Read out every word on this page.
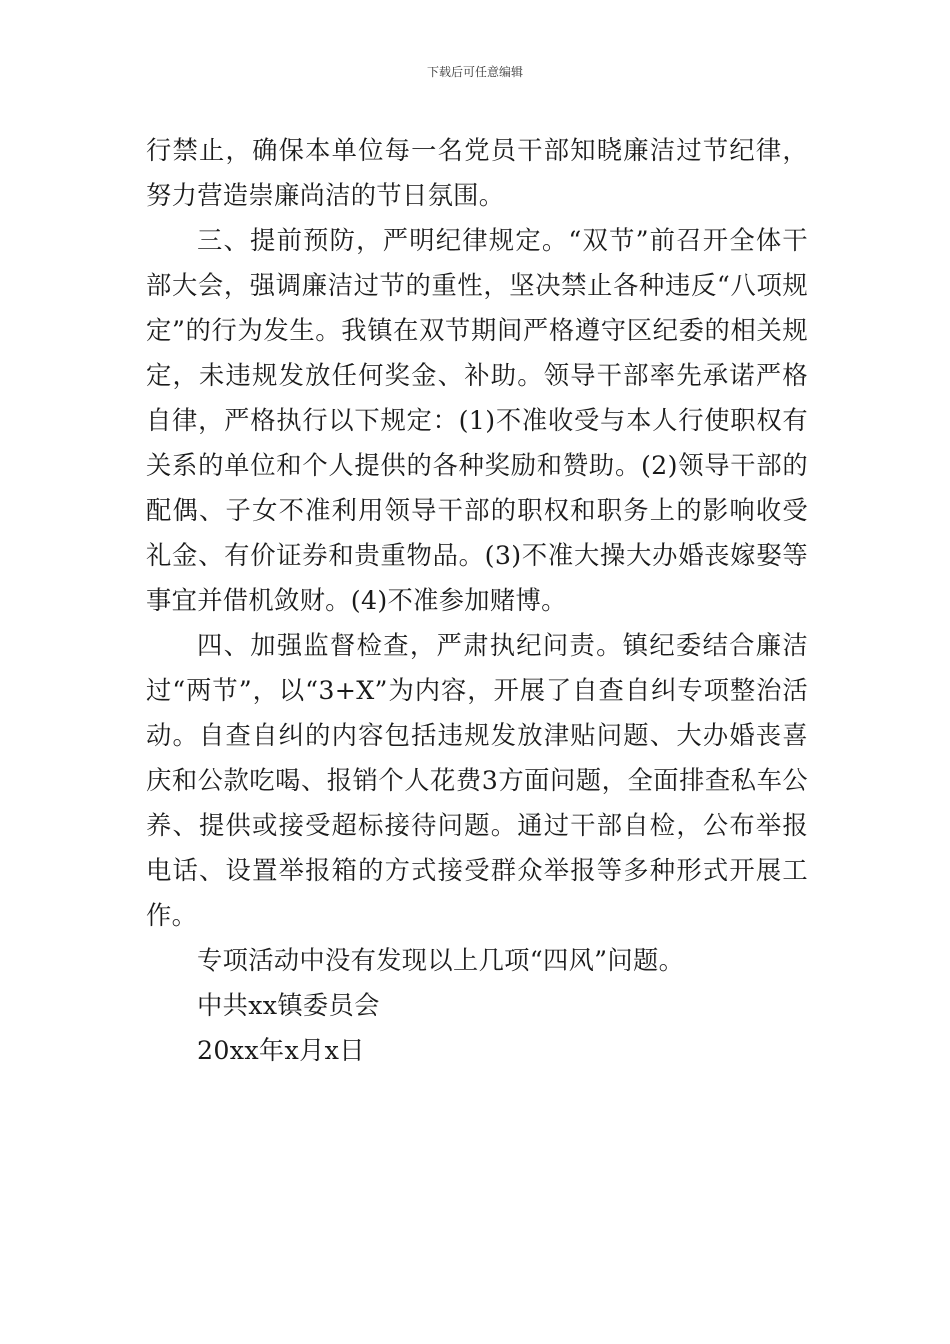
下载后可任意编辑

行禁止，确保本单位每一名党员干部知晓廉洁过节纪律，努力营造崇廉尚洁的节日氛围。

三、提前预防，严明纪律规定。“双节”前召开全体干部大会，强调廉洁过节的重性，坚决禁止各种违反“八项规定”的行为发生。我镇在双节期间严格遵守区纪委的相关规定，未违规发放任何奖金、补助。领导干部率先承诺严格自律，严格执行以下规定：(1)不准收受与本人行使职权有关系的单位和个人提供的各种奖励和赞助。(2)领导干部的配偶、子女不准利用领导干部的职权和职务上的影响收受礼金、有价证券和贵重物品。(3)不准大操大办婚丧嫁娶等事宜并借机敛财。(4)不准参加赌博。

四、加强监督检查，严肃执纪问责。镇纪委结合廉洁过“两节”，以“3+X”为内容，开展了自查自纠专项整治活动。自查自纠的内容包括违规发放津贴问题、大办婚丧喜庆和公款吃喝、报销个人花费3方面问题，全面排查私车公养、提供或接受超标接待问题。通过干部自检，公布举报电话、设置举报箱的方式接受群众举报等多种形式开展工作。

专项活动中没有发现以上几项“四风”问题。

中共xx镇委员会

20xx年x月x日
